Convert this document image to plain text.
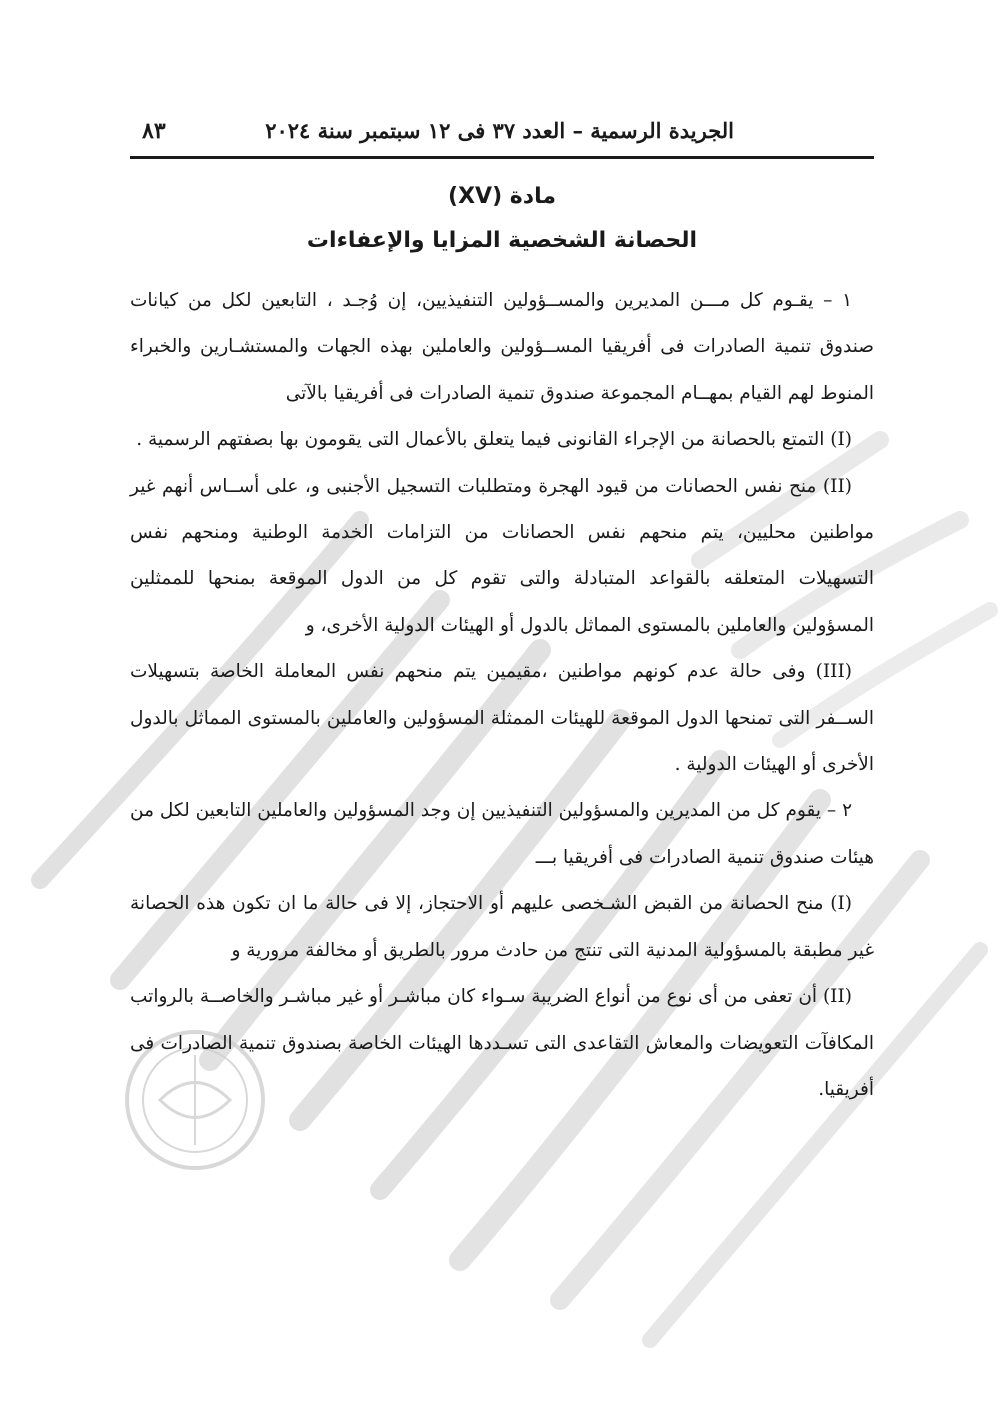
الجريدة الرسمية – العدد ٣٧ فى ١٢ سبتمبر سنة ٢٠٢٤
٨٣
مادة (XV)
الحصانة الشخصية المزايا والإعفاءات

١ – يقـوم كل مـــن المديرين والمســؤولين التنفيذيين، إن وُجـد ، التابعين لكل من كيانات صندوق تنمية الصادرات فى أفريقيا المســؤولين والعاملين بهذه الجهات والمستشـارين والخبراء المنوط لهم القيام بمهــام المجموعة صندوق تنمية الصادرات فى أفريقيا بالآتى

(I) التمتع بالحصانة من الإجراء القانونى فيما يتعلق بالأعمال التى يقومون بها بصفتهم الرسمية .

(II) منح نفس الحصانات من قيود الهجرة ومتطلبات التسجيل الأجنبى و، على أســاس أنهم غير مواطنين محليين، يتم منحهم نفس الحصانات من التزامات الخدمة الوطنية ومنحهم نفس التسهيلات المتعلقه بالقواعد المتبادلة والتى تقوم كل من الدول الموقعة بمنحها للممثلين المسؤولين والعاملين بالمستوى المماثل بالدول أو الهيئات الدولية الأخرى، و

(III) وفى حالة عدم كونهم مواطنين ،مقيمين يتم منحهم نفس المعاملة الخاصة بتسهيلات الســفر التى تمنحها الدول الموقعة للهيئات الممثلة المسؤولين والعاملين بالمستوى المماثل بالدول الأخرى أو الهيئات الدولية .

٢ – يقوم كل من المديرين والمسؤولين التنفيذيين إن وجد المسؤولين والعاملين التابعين لكل من هيئات صندوق تنمية الصادرات فى أفريقيا بـــ

(I) منح الحصانة من القبض الشـخصى عليهم أو الاحتجاز، إلا فى حالة ما ان تكون هذه الحصانة غير مطبقة بالمسؤولية المدنية التى تنتج من حادث مرور بالطريق أو مخالفة مرورية و

(II) أن تعفى من أى نوع من أنواع الضريبة سـواء كان مباشـر أو غير مباشـر والخاصــة بالرواتب المكافآت التعويضات والمعاش التقاعدى التى تسـددها الهيئات الخاصة بصندوق تنمية الصادرات فى أفريقيا.
